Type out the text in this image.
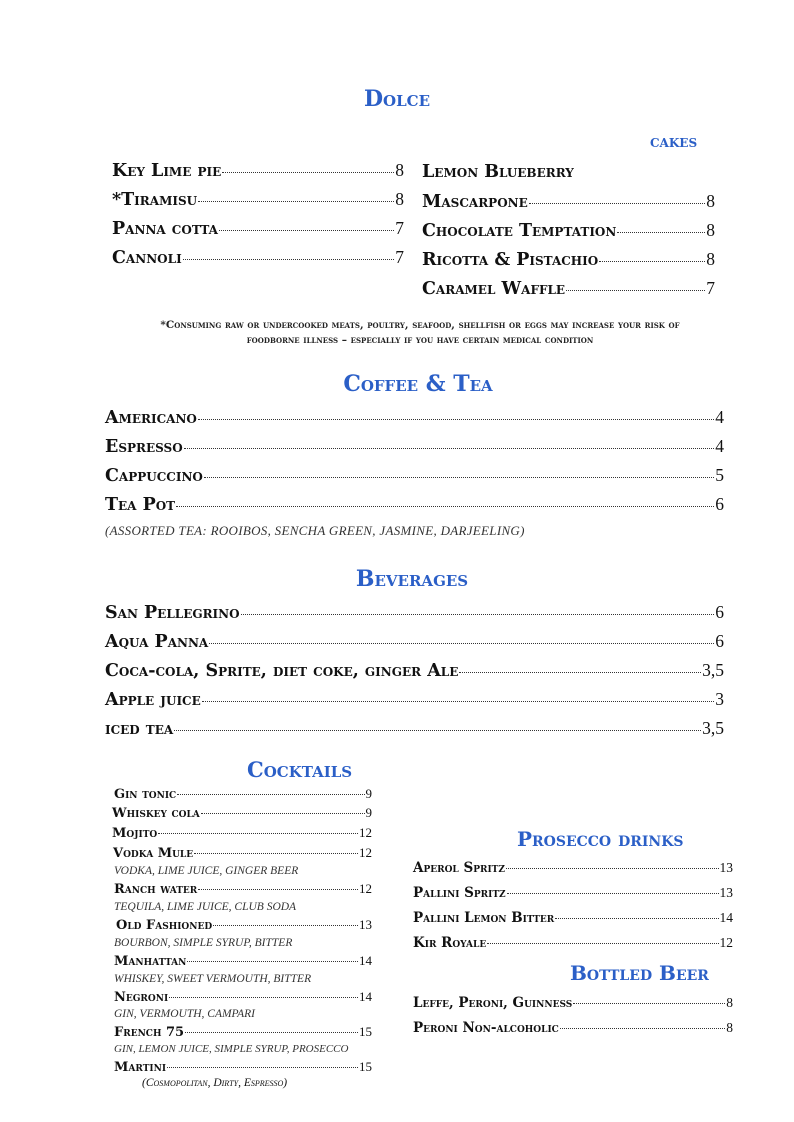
Dolce
cakes
Key Lime pie	8
*Tiramisu	8
Panna cotta	7
Cannoli	7
Lemon Blueberry
Mascarpone	8
Chocolate Temptation	8
Ricotta & Pistachio	8
Caramel Waffle	7
*Consuming raw or undercooked meats, poultry, seafood, shellfish or eggs may increase your risk of
foodborne illness – especially if you have certain medical condition
Coffee & Tea
Americano	4
Espresso	4
Cappuccino	5
Tea Pot	6
(ASSORTED TEA: ROOIBOS, SENCHA GREEN, JASMINE, DARJEELING)
Beverages
San Pellegrino	6
Aqua Panna	6
Coca-cola, Sprite, diet coke, ginger Ale	3,5
Apple juice	3
iced tea	3,5
Cocktails
Gin tonic	9
Whiskey cola	9
Mojito	12
Vodka Mule	12
VODKA, LIME JUICE, GINGER BEER
Ranch water	12
TEQUILA, LIME JUICE, CLUB SODA
Old Fashioned	13
BOURBON, SIMPLE SYRUP, BITTER
Manhattan	14
WHISKEY, SWEET VERMOUTH, BITTER
Negroni	14
GIN, VERMOUTH, CAMPARI
French 75	15
GIN, LEMON JUICE, SIMPLE SYRUP, PROSECCO
Martini	15
(Cosmopolitan, Dirty, Espresso)
Prosecco drinks
Aperol Spritz	13
Pallini Spritz	13
Pallini Lemon Bitter	14
Kir Royale	12
Bottled Beer
Leffe, Peroni, Guinness	8
Peroni Non-alcoholic	8
